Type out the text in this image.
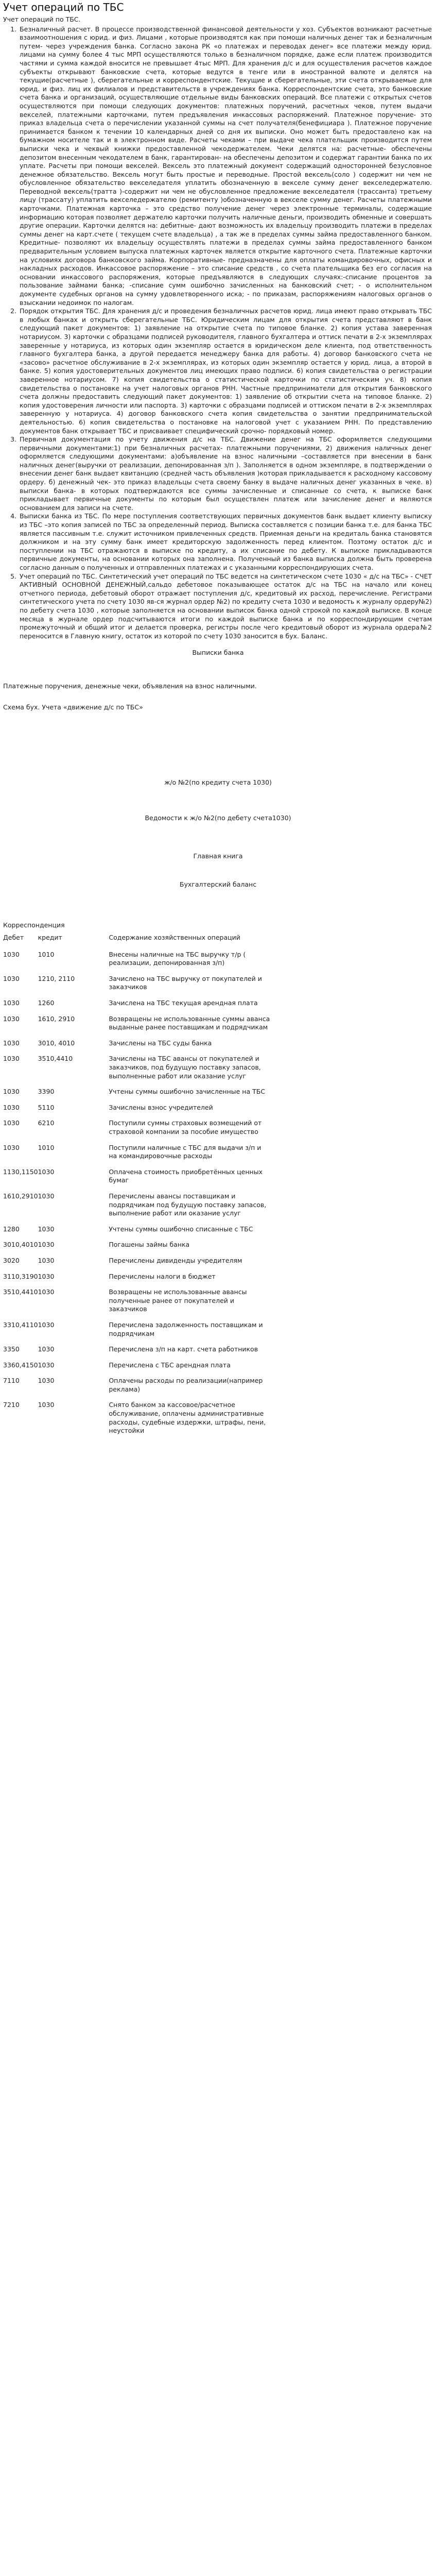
Учет операций по ТБС

Учет операций по ТБС.

1. Безналичный расчет. В процессе производственной финансовой деятельности у хоз. Субъектов возникают расчетные взаимоотношения с юрид. и физ. Лицами , которые производятся как при помощи наличных денег так и безналичным путем- через учреждения банка. Согласно закона РК «о платежах и переводах денег» все платежи между юрид. лицами на сумму более 4 тыс МРП осуществляются только в безналичном порядке, даже если платеж производится частями и сумма каждой вносится не превышает 4тыс МРП. Для хранения д/с и для осуществления расчетов каждое субъекты открывают банковские счета, которые ведутся в тенге или в иностранной валюте и делятся на текущие(расчетные ), сберегательные и корреспондентские. Текущие и сберегательные, эти счета открываемые для юрид. и физ. лиц их филиалов и представительств в учреждениях банка. Корреспондентские счета, это банковские счета банка и организаций, осуществляющие отдельные виды банковских операций. Все платежи с открытых счетов осуществляются при помощи следующих документов: платежных поручений, расчетных чеков, путем выдачи векселей, платежными карточками, путем предъявления инкассовых распоряжений. Платежное поручение- это приказ владельца счета о перечислении указанной суммы на счет получателя(бенефициара ). Платежное поручение принимается банком к течении 10 календарных дней со дня их выписки. Оно может быть предоставлено как на бумажном носителе так и в электронном виде. Расчеты чеками – при выдаче чека плательщик производится путем выписки чека и чеквый книжки предоставленной чекодержателем. Чеки делятся на: расчетные- обеспечены депозитом внесенным чекодателем в банк, гарантирован- на обеспечены депозитом и содержат гарантии банка по их уплате. Расчеты при помощи векселей. Вексель это платежный документ содержащий односторонней безусловное денежное обязательство. Вексель могут быть простые и переводные. Простой вексель(соло ) содержит ни чем не обусловленное обязательство векселедателя уплатить обозначенную в векселе сумму денег векселедержателю. Переводной вексель(тратта )-содержит ни чем не обусловленное предложение векселедателя (трассанта) третьему лицу (трассату) уплатить векселедержателю (ремитенту )обозначенную в векселе сумму денег. Расчеты платежными карточками. Платежная карточка – это средство получение денег через электронные терминалы, содержащие информацию которая позволяет держателю карточки получить наличные деньги, производить обменные и совершать другие операции. Карточки делятся на: дебитные- дают возможность их владельцу производить платежи в пределах суммы денег на карт.счете ( текущем счете владельца) , а так же в пределах суммы займа предоставленного банком. Кредитные- позволяют их владельцу осуществлять платежи в пределах суммы займа предоставленного банком предварительным условием выпуска платежных карточек является открытие карточного счета. Платежные карточки на условиях договора банковского займа. Корпоративные- предназначены для оплаты командировочных, офисных и накладных расходов. Инкассовое распоряжение – это списание средств , со счета плательщика без его согласия на основании инкассового распоряжения, которые предъявляются в следующих случаях:-списание процентов за пользование займами банка; -списание сумм ошибочно зачисленных на банковский счет; - о исполнительном документе судебных органов на сумму удовлетворенного иска; - по приказам, распоряжениям налоговых органов о взыскании недоимок по налогам.
2. Порядок открытия ТБС. Для хранения д/с и проведения безналичных расчетов юрид. лица имеют право открывать ТБС в любых банках и открыть сберегательные ТБС. Юридическим лицам для открытия счета представляют в банк следующий пакет документов: 1) заявление на открытие счета по типовое бланке. 2) копия устава заверенная нотариусом. 3) карточки с образцами подписей руководителя, главного бухгалтера и оттиск печати в 2-х экземплярах заверенные у нотариуса, из которых один экземпляр остается в юридическом деле клиента, под ответственность главного бухгалтера банка, а другой передается менеджеру банка для работы. 4) договор банковского счета не «засово» расчетное обслуживание в 2-х экземплярах, из которых один экземпляр остается у юрид. лица, а второй в банке. 5) копия удостоверительных документов лиц имеющих право подписи. 6) копия свидетельства о регистрации заверенное нотариусом. 7) копия свидетельства о статистической карточки по статистическим уч. 8) копия свидетельства о постановке на учет налоговых органов РНН. Частные предприниматели для открытия банковского счета должны предоставить следующий пакет документов: 1) заявление об открытии счета на типовое бланке. 2) копия удостоверения личности или паспорта. 3) карточки с образцами подписей и оттиском печати в 2-х экземплярах заверенную у нотариуса. 4) договор банковского счета копия свидетельства о занятии предпринимательской деятельностью. 6) копия свидетельства о постановке на налоговой учет с указанием РНН. По представлению документов банк открывает ТБС и присваивает специфический срочно- порядковый номер.
3. Первичная документация по учету движения д/с на ТБС. Движение денег на ТБС оформляется следующими первичными документами:1) при безналичных расчетах- платежными поручениями, 2) движения наличных денег оформляется следующими документами: а)объявление на взнос наличными –составляется при внесении в банк наличных денег(выручки от реализации, депонированная з/п ). Заполняется в одном экземпляре, в подтверждении о внесении денег банк выдает квитанцию (средней часть объявления )которая прикладывается к расходному кассовому ордеру. б) денежный чек- это приказ владельцы счета своему банку в выдаче наличных денег указанных в чеке. в) выписки банка- в которых подтверждаются все суммы зачисленные и списанные со счета, к выписке банк прикладывает первичные документы по которым был осуществлен платеж или зачисление денег и являются основанием для записи на счете.
4. Выписки банка из ТБС. По мере поступления соответствующих первичных документов банк выдает клиенту выписку из ТБС –это копия записей по ТБС за определенный период. Выписка составляется с позиции банка т.е. для банка ТБС является пассивным т.е. служит источником привлеченных средств. Приемная деньги на кредиталь банка становятся должником и на эту сумму банк имеет кредиторскую задолженность перед клиентом. Поэтому остаток д/с и поступлении на ТБС отражаются в выписке по кредиту, а их списание по дебету. К выписке прикладываются первичные документы, на основании которых она заполнена. Полученный из банка выписка должна быть проверена согласно данным о полученных и отправленных платежах и с указанными корреспондирующих счета.
5. Учет операций по ТБС. Синтетический учет операций по ТБС ведется на синтетическом счете 1030 « д/с на ТБС» - СЧЕТ АКТИВНЫЙ ОСНОВНОЙ ДЕНЕЖНЫЙ,сальдо дебетовое показывающее остаток д/с на ТБС на начало или конец отчетного периода, дебетовый оборот отражает поступления д/с, кредитовый их расход, перечисление. Регистрами синтетического учета по счету 1030 яв-ся журнал ордер №2) по кредиту счета 1030 и ведомость к журналу ордеру№2) по дебету счета 1030 , которые заполняется на основании выписок банка одной строкой по каждой выписке. В конце месяца в журнале ордер подсчитываются итоги по каждой выписке банка и по корреспондирующим счетам промежуточный и общий итог и делается проверка, регистры после чего кредитовый оборот из журнала ордера№2 переносится в Главную книгу, остаток из которой по счету 1030 заносится в бух. Баланс.

Выписки банка

Платежные поручения, денежные чеки, объявления на взнос наличными.

Схема бух. Учета «движение д/с по ТБС»

ж/о №2(по кредиту счета 1030)

Ведомости к ж/о №2(по дебету счета1030)

Главная книга

Бухгалтерский баланс

Корреспонденция

Дебет	кредит	Содержание хозяйственных операций
1030	1010	Внесены наличные на ТБС выручку т/р ( реализации, депонированная з/п)
1030	1210, 2110	Зачислено на ТБС выручку от покупателей и заказчиков
1030	1260	Зачислена на ТБС текущая арендная плата
1030	1610, 2910	Возвращены не использованные суммы аванса выданные ранее поставщикам и подрядчикам
1030	3010, 4010	Зачислены на ТБС суды банка
1030	3510,4410	Зачислены на ТБС авансы от покупателей и заказчиков, под будущую поставку запасов, выполненные работ или оказание услуг
1030	3390	Учтены суммы ошибочно зачисленные на ТБС
1030	5110	Зачислены взнос учредителей
1030	6210	Поступили суммы страховых возмещений от страховой компании за пособие имущество
1030	1010	Поступили наличные с ТБС для выдачи з/п и на командировочные расходы
1130,1150	1030	Оплачена стоимость приобретённых ценных бумаг
1610,2910	1030	Перечислены авансы поставщикам и подрядчикам под будущую поставку запасов, выполнение работ или оказание услуг
1280	1030	Учтены суммы ошибочно списанные с ТБС
3010,4010	1030	Погашены займы банка
3020	1030	Перечислены дивиденды учредителям
3110,3190	1030	Перечислены налоги в бюджет
3510,4410	1030	Возвращены не использованные авансы полученные ранее от покупателей и заказчиков
3310,4110	1030	Перечислена задолженность поставщикам и подрядчикам
3350	1030	Перечислена з/п на карт. счета работников
3360,4150	1030	Перечислена с ТБС арендная плата
7110	1030	Оплачены расходы по реализации(например реклама)
7210	1030	Снято банком за кассовое/расчетное обслуживание, оплачены административные расходы, судебные издержки, штрафы, пени, неустойки
